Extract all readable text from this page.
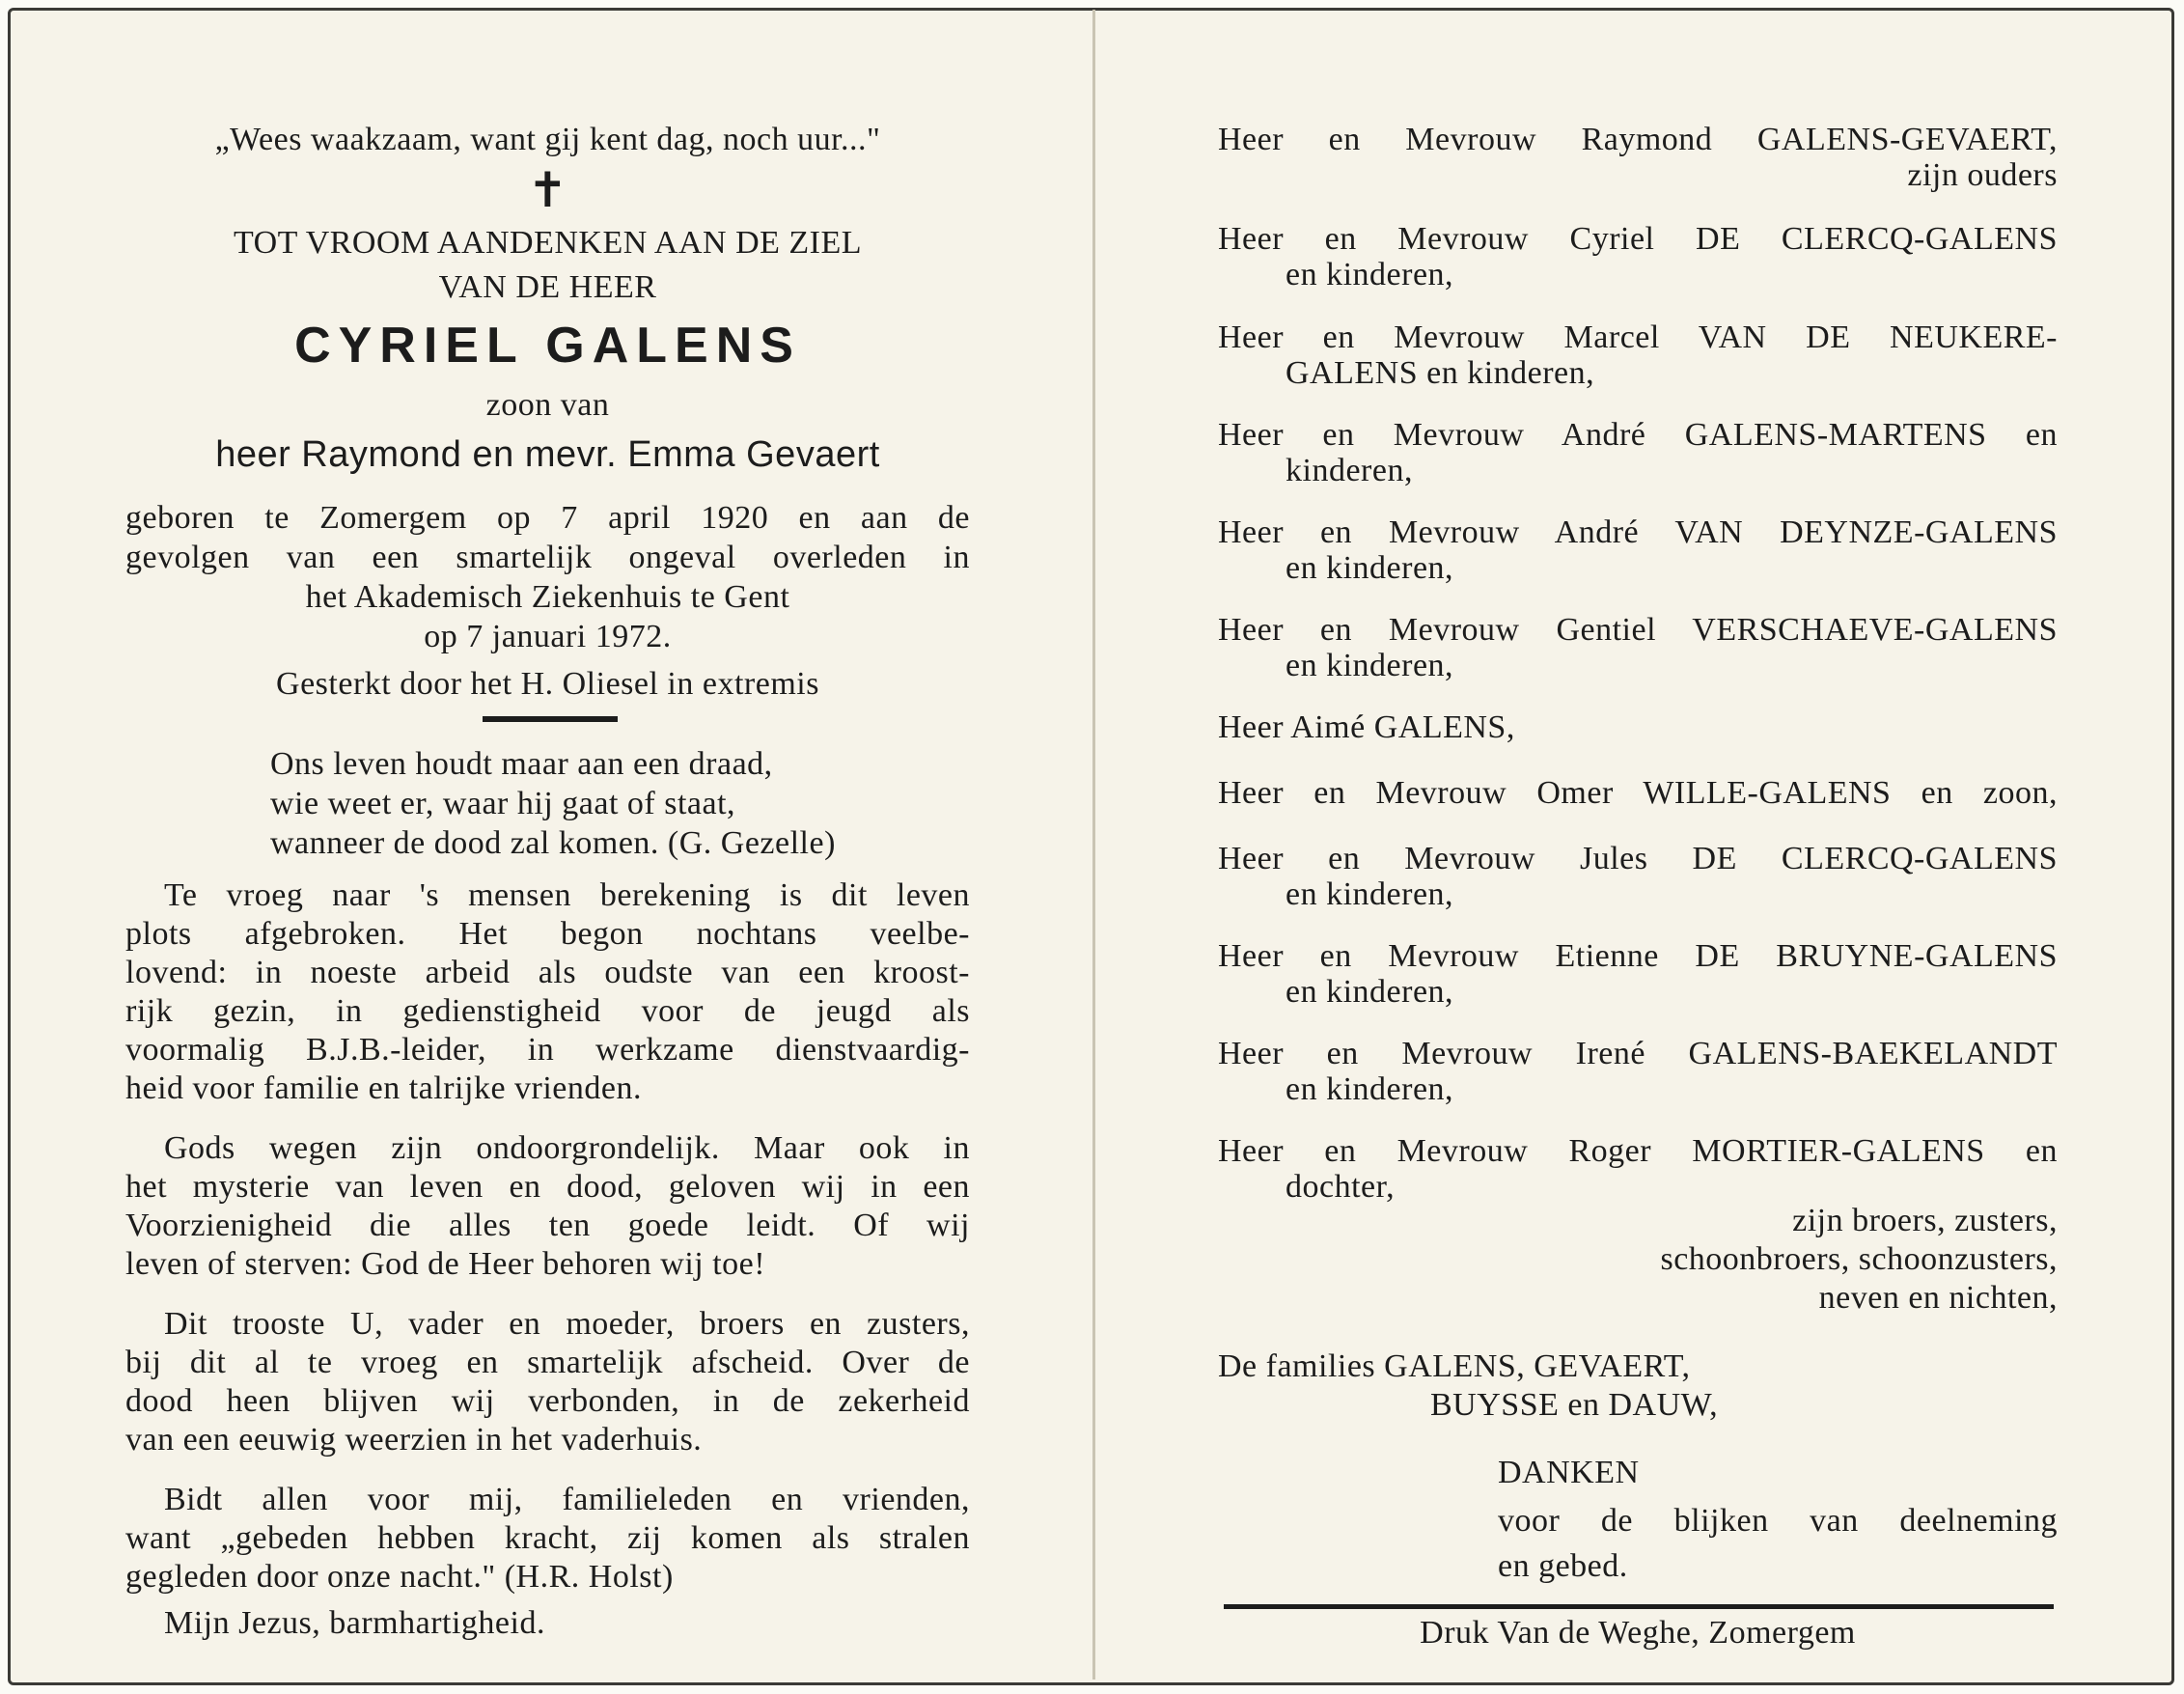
„Wees waakzaam, want gij kent dag, noch uur..."
✝
TOT VROOM AANDENKEN AAN DE ZIEL
VAN DE HEER
CYRIEL GALENS
zoon van
heer Raymond en mevr. Emma Gevaert
geboren te Zomergem op 7 april 1920 en aan de
gevolgen van een smartelijk ongeval overleden in
het Akademisch Ziekenhuis te Gent
op 7 januari 1972.
Gesterkt door het H. Oliesel in extremis
Ons leven houdt maar aan een draad,
wie weet er, waar hij gaat of staat,
wanneer de dood zal komen. (G. Gezelle)
Te vroeg naar 's mensen berekening is dit leven
plots afgebroken. Het begon nochtans veelbe-
lovend: in noeste arbeid als oudste van een kroost-
rijk gezin, in gedienstigheid voor de jeugd als
voormalig B.J.B.-leider, in werkzame dienstvaardig-
heid voor familie en talrijke vrienden.
Gods wegen zijn ondoorgrondelijk. Maar ook in
het mysterie van leven en dood, geloven wij in een
Voorzienigheid die alles ten goede leidt. Of wij
leven of sterven: God de Heer behoren wij toe!
Dit trooste U, vader en moeder, broers en zusters,
bij dit al te vroeg en smartelijk afscheid. Over de
dood heen blijven wij verbonden, in de zekerheid
van een eeuwig weerzien in het vaderhuis.
Bidt allen voor mij, familieleden en vrienden,
want „gebeden hebben kracht, zij komen als stralen
gegleden door onze nacht." (H.R. Holst)
Mijn Jezus, barmhartigheid.
Heer en Mevrouw Raymond GALENS-GEVAERT,
zijn ouders
Heer en Mevrouw Cyriel DE CLERCQ-GALENS
en kinderen,
Heer en Mevrouw Marcel VAN DE NEUKERE-
GALENS en kinderen,
Heer en Mevrouw André GALENS-MARTENS en
kinderen,
Heer en Mevrouw André VAN DEYNZE-GALENS
en kinderen,
Heer en Mevrouw Gentiel VERSCHAEVE-GALENS
en kinderen,
Heer Aimé GALENS,
Heer en Mevrouw Omer WILLE-GALENS en zoon,
Heer en Mevrouw Jules DE CLERCQ-GALENS
en kinderen,
Heer en Mevrouw Etienne DE BRUYNE-GALENS
en kinderen,
Heer en Mevrouw Irené GALENS-BAEKELANDT
en kinderen,
Heer en Mevrouw Roger MORTIER-GALENS en
dochter,
zijn broers, zusters,
schoonbroers, schoonzusters,
neven en nichten,
De families GALENS, GEVAERT,
BUYSSE en DAUW,
DANKEN
voor de blijken van deelneming
en gebed.
Druk Van de Weghe, Zomergem
